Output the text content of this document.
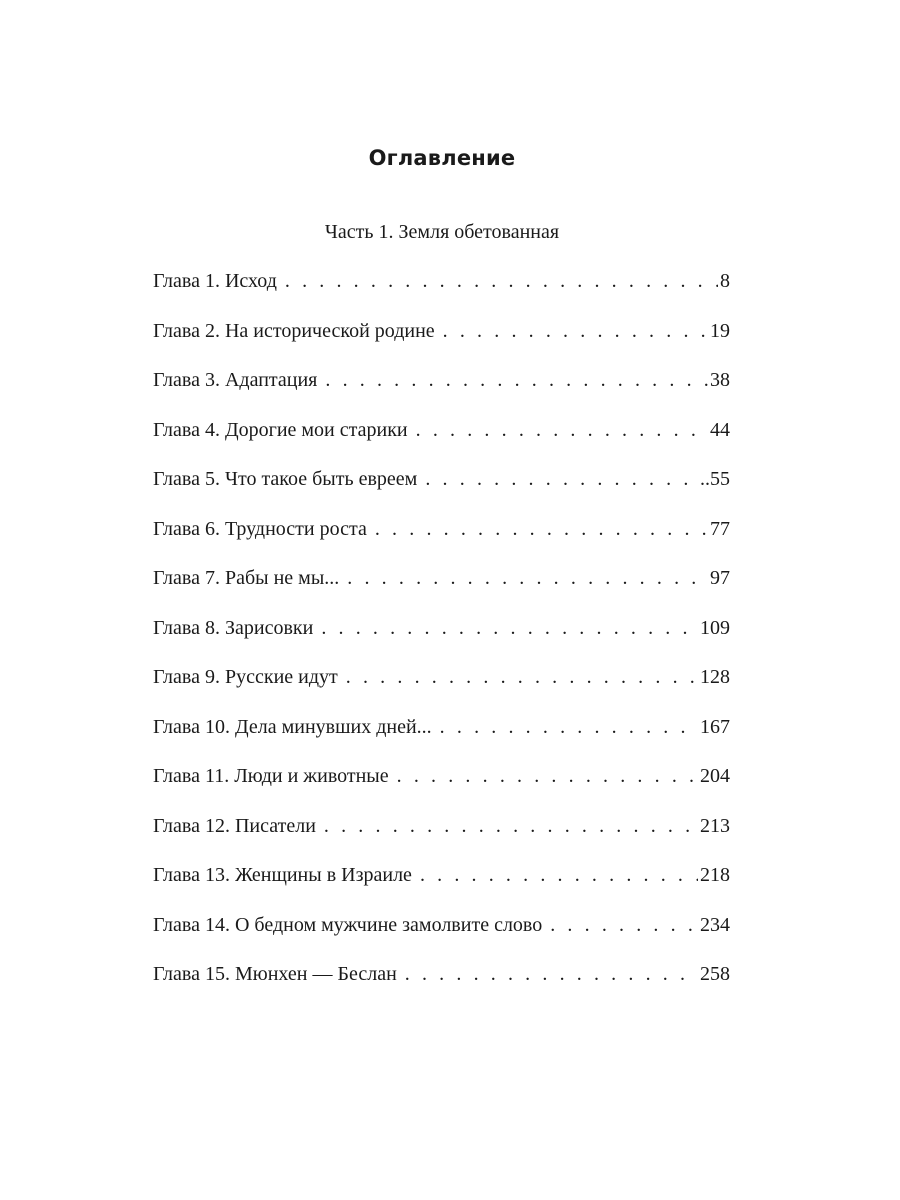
Оглавление
Часть 1. Земля обетованная
Глава 1. Исход . . .	8
Глава 2. На исторической родине . . .	19
Глава 3. Адаптация . . .	38
Глава 4. Дорогие мои старики . . .	44
Глава 5. Что такое быть евреем . . .	..55
Глава 6. Трудности роста . . .	77
Глава 7. Рабы не мы... . . .	97
Глава 8. Зарисовки . . .	109
Глава 9. Русские идут . . .	128
Глава 10. Дела минувших дней... . . .	167
Глава 11. Люди и животные . . .	204
Глава 12. Писатели . . .	213
Глава 13. Женщины в Израиле . . .	218
Глава 14. О бедном мужчине замолвите слово . . .	234
Глава 15. Мюнхен — Беслан . . .	258
